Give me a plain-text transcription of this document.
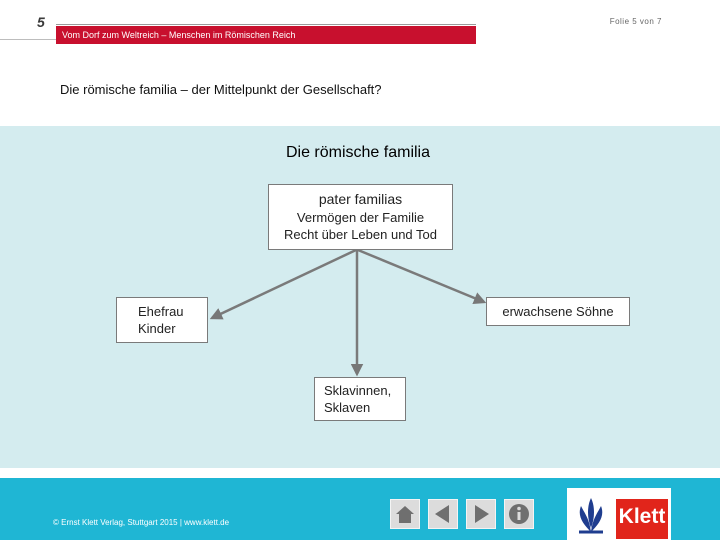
5	Folie 5 von 7
Vom Dorf zum Weltreich – Menschen im Römischen Reich
Die römische familia – der Mittelpunkt der Gesellschaft?
Die römische familia
pater familias
Vermögen der Familie
Recht über Leben und Tod
Ehefrau
Kinder
erwachsene Söhne
Sklavinnen,
Sklaven
© Ernst Klett Verlag, Stuttgart 2015 | www.klett.de	Klett
